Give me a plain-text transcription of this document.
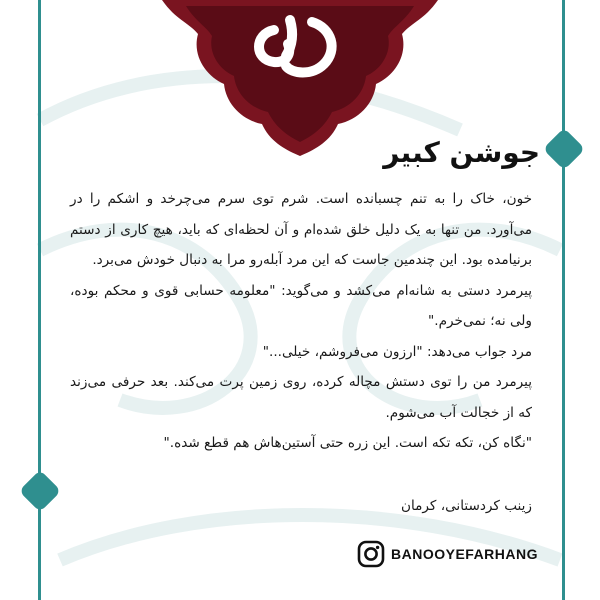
جوشن کبیر
خون، خاک را به تنم چسبانده است. شرم توی سرم می‌چرخد و اشکم را در می‌آورد. من تنها به یک دلیل خلق شده‌ام و آن لحظه‌ای که باید، هیچ کاری از دستم برنیامده بود. این چندمین جاست که این مرد آبله‌رو مرا به دنبال خودش می‌برد.
پیرمرد دستی به شانه‌ام می‌کشد و می‌گوید: "معلومه حسابی قوی و محکم بوده، ولی نه؛ نمی‌خرم."
مرد جواب می‌دهد: "ارزون می‌فروشم، خیلی..."
پیرمرد من را توی دستش مچاله کرده، روی زمین پرت می‌کند. بعد حرفی می‌زند که از خجالت آب می‌شوم.
"نگاه کن، تکه تکه است. این زره حتی آستین‌هاش هم قطع شده."
زینب کردستانی، کرمان
BANOOYEFARHANG
